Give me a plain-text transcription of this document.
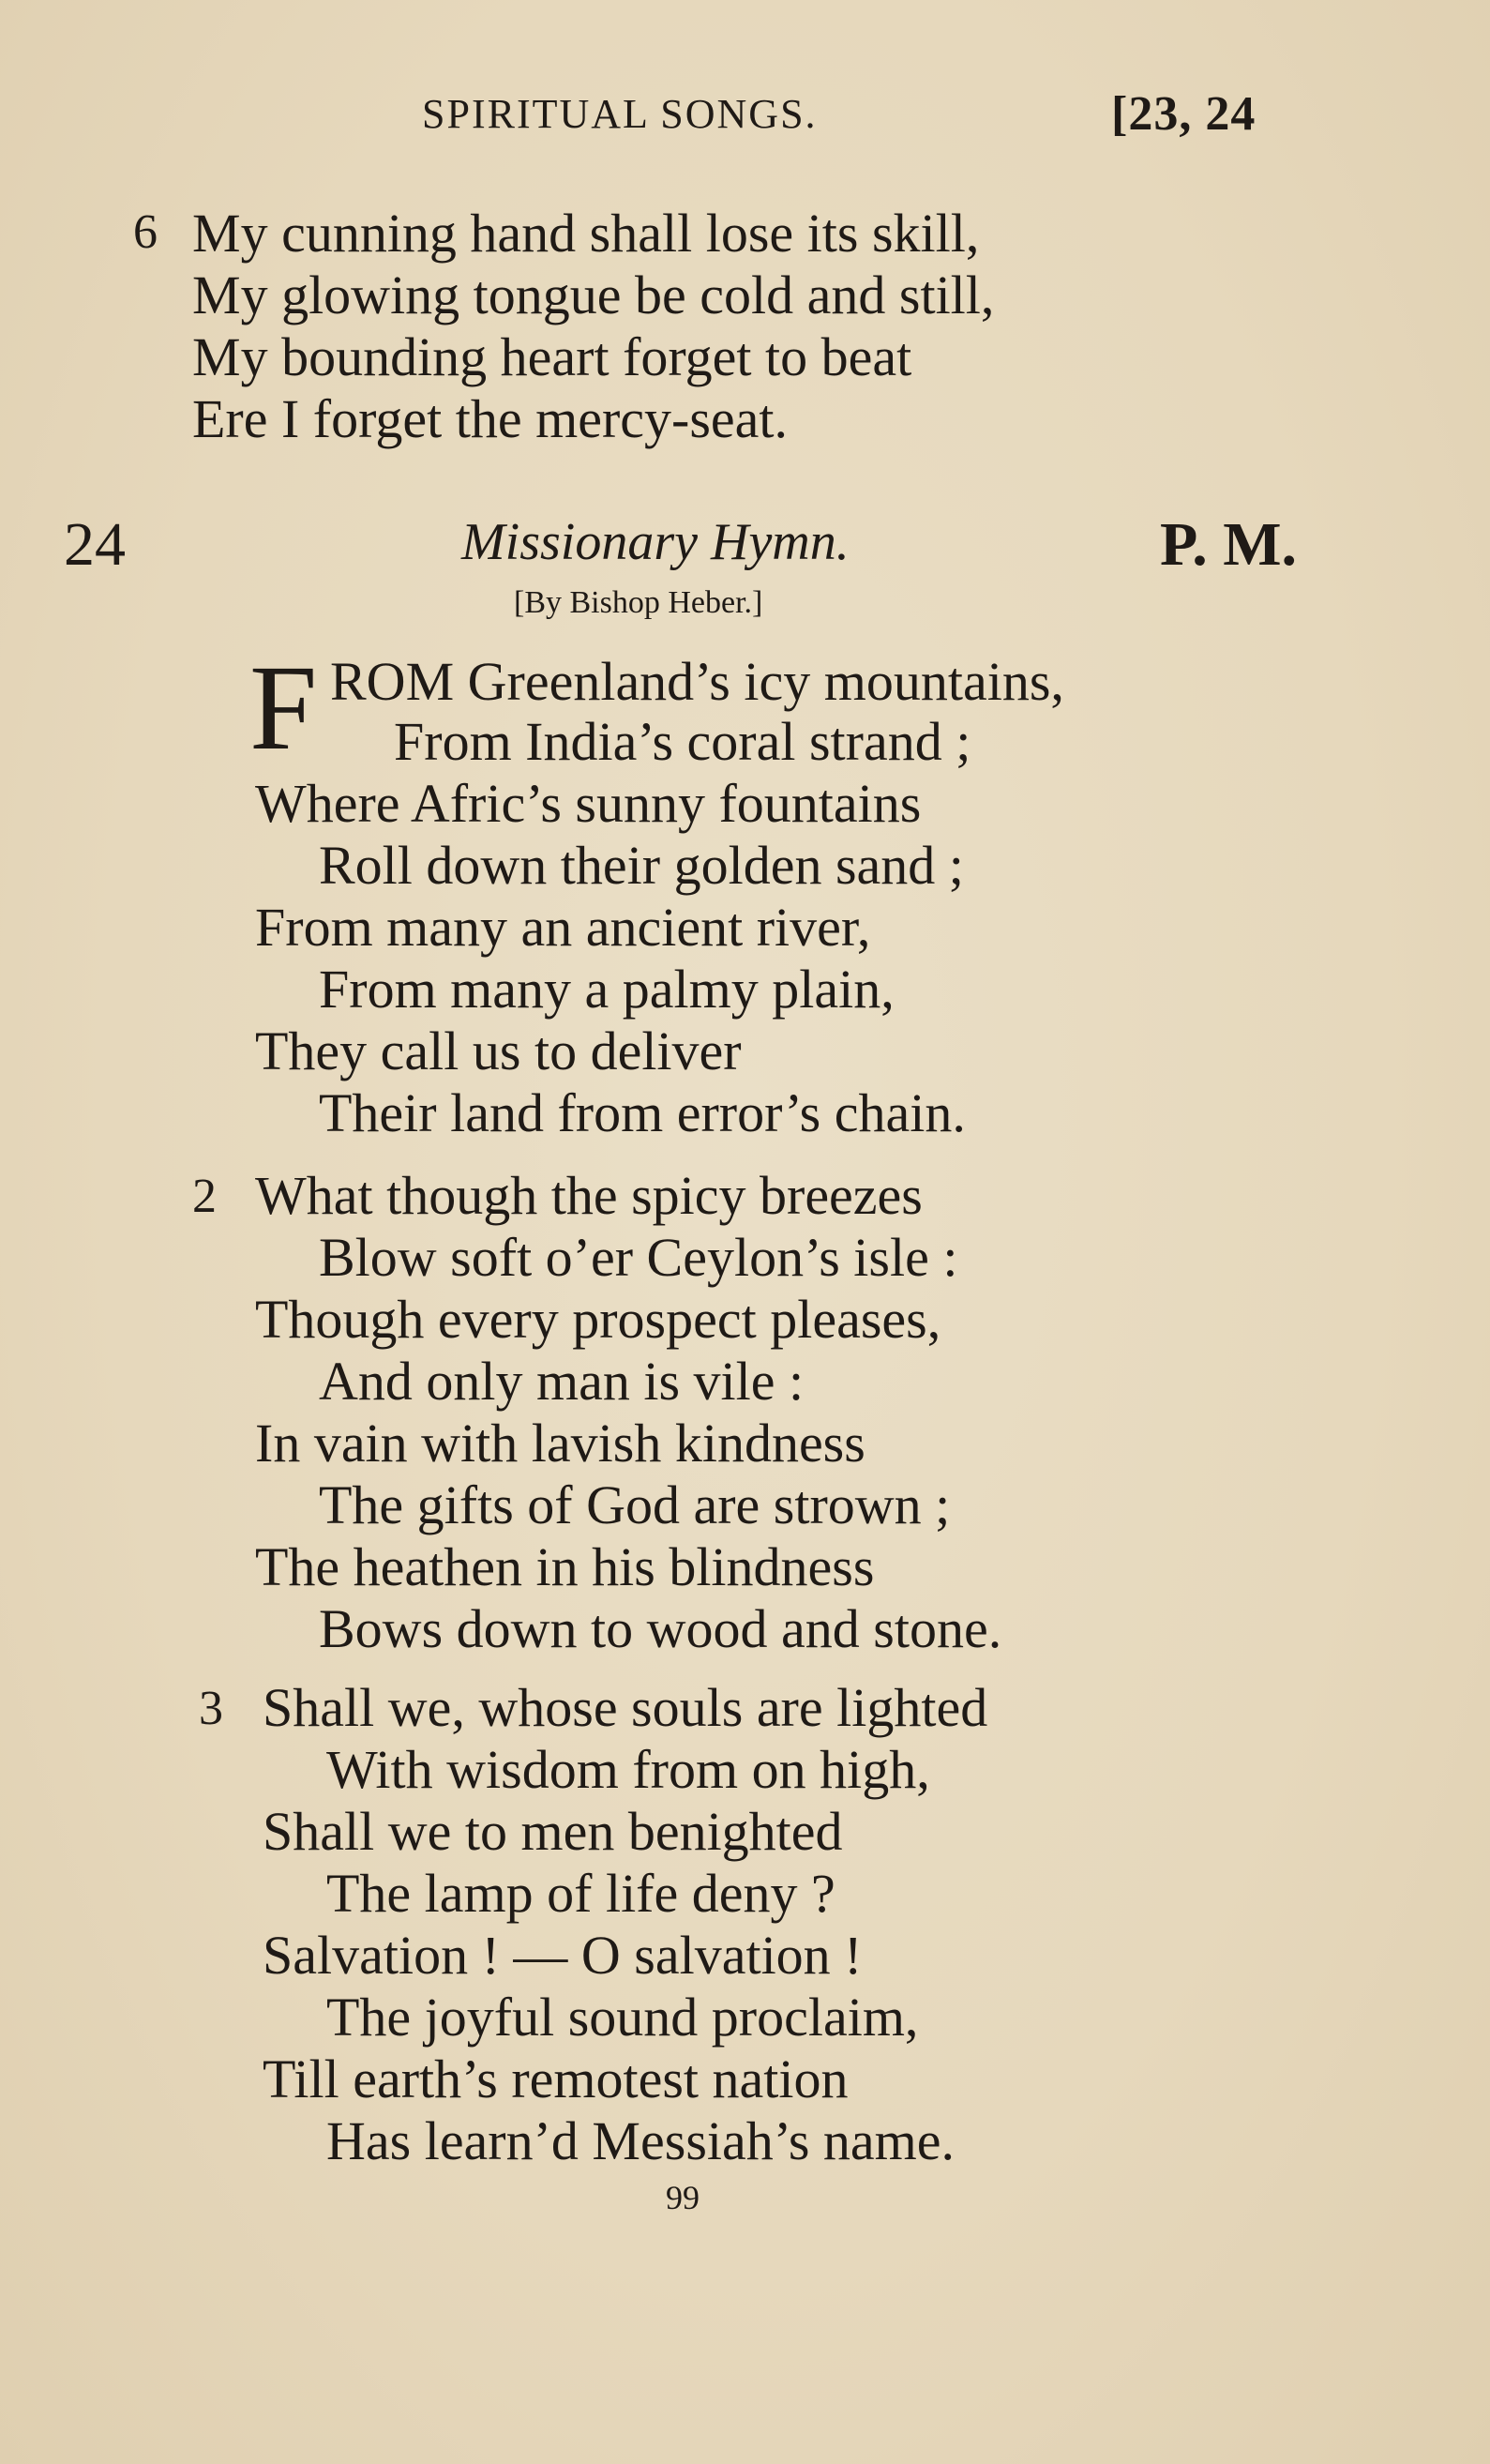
SPIRITUAL SONGS.	[23, 24
6 My cunning hand shall lose its skill,
My glowing tongue be cold and still,
My bounding heart forget to beat
Ere I forget the mercy-seat.
24	Missionary Hymn.	P. M.
[By Bishop Heber.]
F ROM Greenland’s icy mountains,
From India’s coral strand ;
Where Afric’s sunny fountains
Roll down their golden sand ;
From many an ancient river,
From many a palmy plain,
They call us to deliver
Their land from error’s chain.
2 What though the spicy breezes
Blow soft o’er Ceylon’s isle :
Though every prospect pleases,
And only man is vile :
In vain with lavish kindness
The gifts of God are strown ;
The heathen in his blindness
Bows down to wood and stone.
3 Shall we, whose souls are lighted
With wisdom from on high,
Shall we to men benighted
The lamp of life deny ?
Salvation ! — O salvation !
The joyful sound proclaim,
Till earth’s remotest nation
Has learn’d Messiah’s name.
99
